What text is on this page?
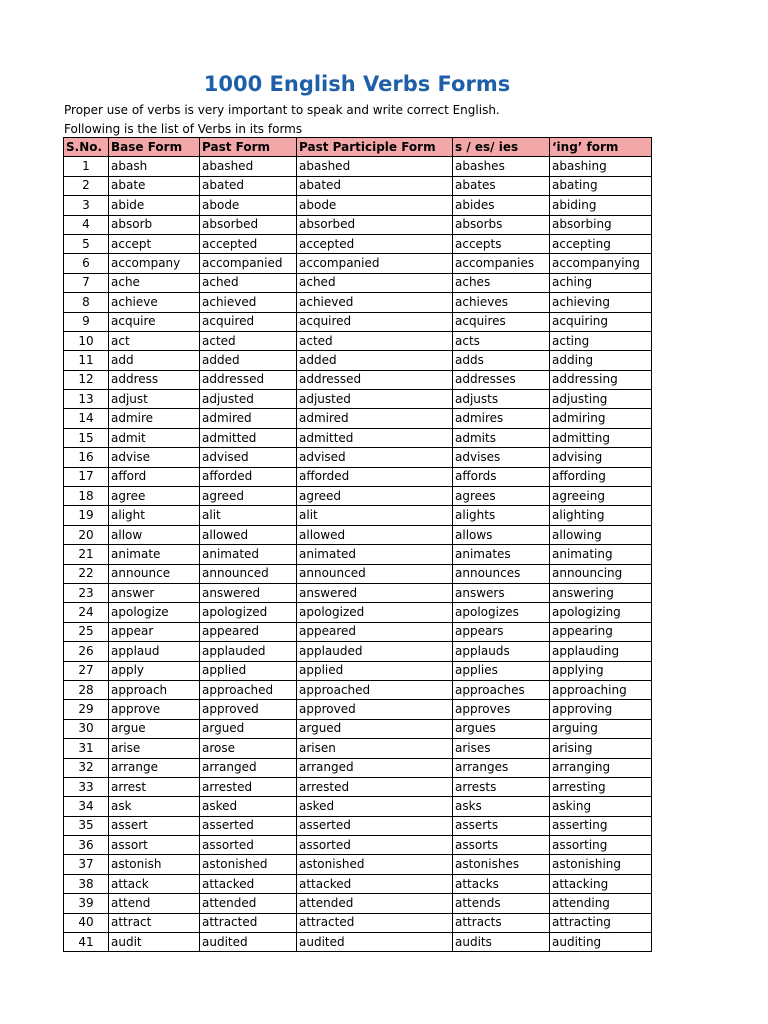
1000 English Verbs Forms
Proper use of verbs is very important to speak and write correct English.
Following is the list of Verbs in its forms
S.No.	Base Form	Past Form	Past Participle Form	s / es/ ies	‘ing’ form
1	abash	abashed	abashed	abashes	abashing
2	abate	abated	abated	abates	abating
3	abide	abode	abode	abides	abiding
4	absorb	absorbed	absorbed	absorbs	absorbing
5	accept	accepted	accepted	accepts	accepting
6	accompany	accompanied	accompanied	accompanies	accompanying
7	ache	ached	ached	aches	aching
8	achieve	achieved	achieved	achieves	achieving
9	acquire	acquired	acquired	acquires	acquiring
10	act	acted	acted	acts	acting
11	add	added	added	adds	adding
12	address	addressed	addressed	addresses	addressing
13	adjust	adjusted	adjusted	adjusts	adjusting
14	admire	admired	admired	admires	admiring
15	admit	admitted	admitted	admits	admitting
16	advise	advised	advised	advises	advising
17	afford	afforded	afforded	affords	affording
18	agree	agreed	agreed	agrees	agreeing
19	alight	alit	alit	alights	alighting
20	allow	allowed	allowed	allows	allowing
21	animate	animated	animated	animates	animating
22	announce	announced	announced	announces	announcing
23	answer	answered	answered	answers	answering
24	apologize	apologized	apologized	apologizes	apologizing
25	appear	appeared	appeared	appears	appearing
26	applaud	applauded	applauded	applauds	applauding
27	apply	applied	applied	applies	applying
28	approach	approached	approached	approaches	approaching
29	approve	approved	approved	approves	approving
30	argue	argued	argued	argues	arguing
31	arise	arose	arisen	arises	arising
32	arrange	arranged	arranged	arranges	arranging
33	arrest	arrested	arrested	arrests	arresting
34	ask	asked	asked	asks	asking
35	assert	asserted	asserted	asserts	asserting
36	assort	assorted	assorted	assorts	assorting
37	astonish	astonished	astonished	astonishes	astonishing
38	attack	attacked	attacked	attacks	attacking
39	attend	attended	attended	attends	attending
40	attract	attracted	attracted	attracts	attracting
41	audit	audited	audited	audits	auditing
